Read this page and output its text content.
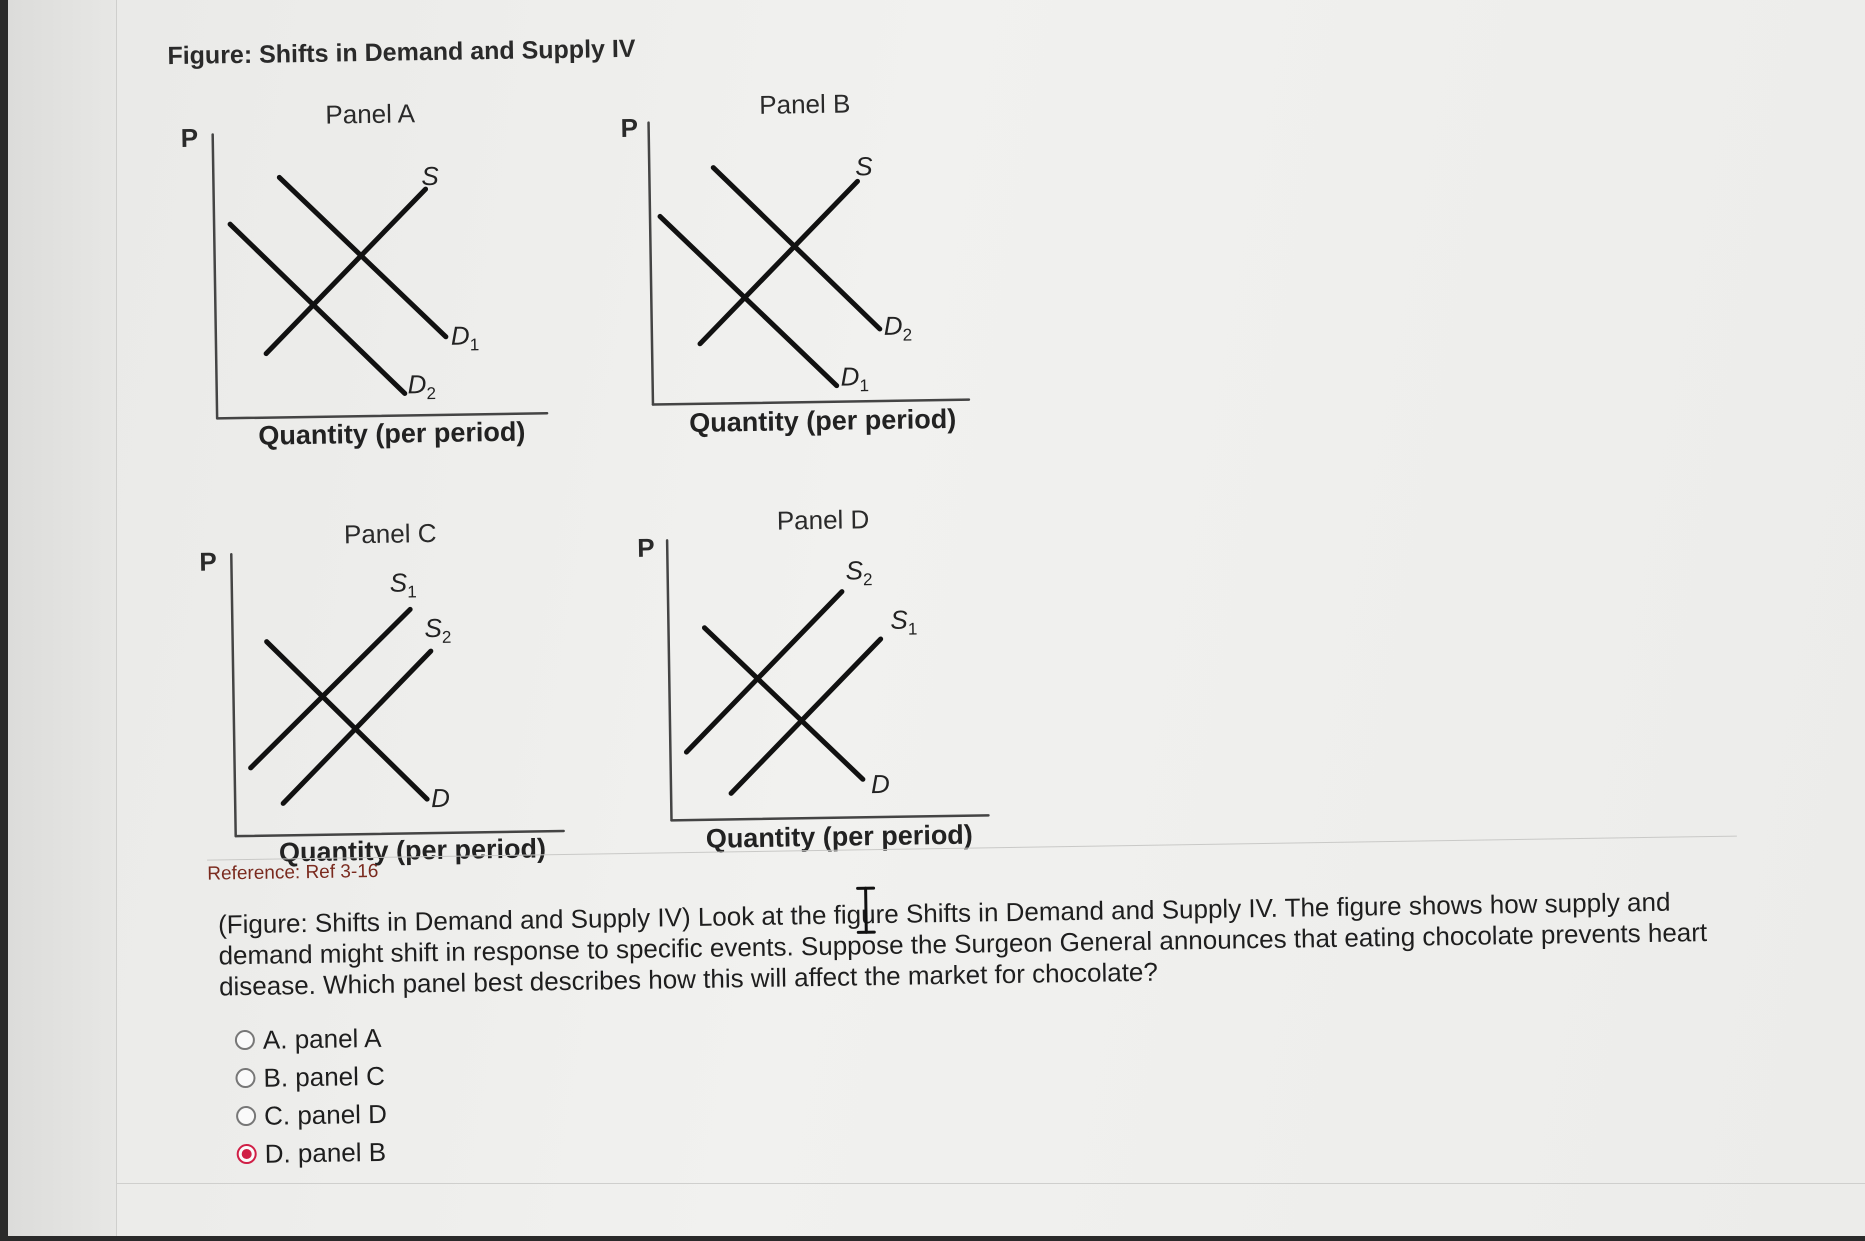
Figure: Shifts in Demand and Supply IV
Panel A
P
S
$D_1$
$D_2$
Quantity (per period)
Panel B
P
S
$D_2$
$D_1$
Quantity (per period)
Panel C
P
$S_1$
$S_2$
D
Quantity (per period)
Panel D
P
$S_2$
$S_1$
D
Quantity (per period)
Reference: Ref 3-16
(Figure: Shifts in Demand and Supply IV) Look at the figure Shifts in Demand and Supply IV. The figure shows how supply and demand might shift in response to specific events. Suppose the Surgeon General announces that eating chocolate prevents heart disease. Which panel best describes how this will affect the market for chocolate?
A. panel A
B. panel C
C. panel D
D. panel B
